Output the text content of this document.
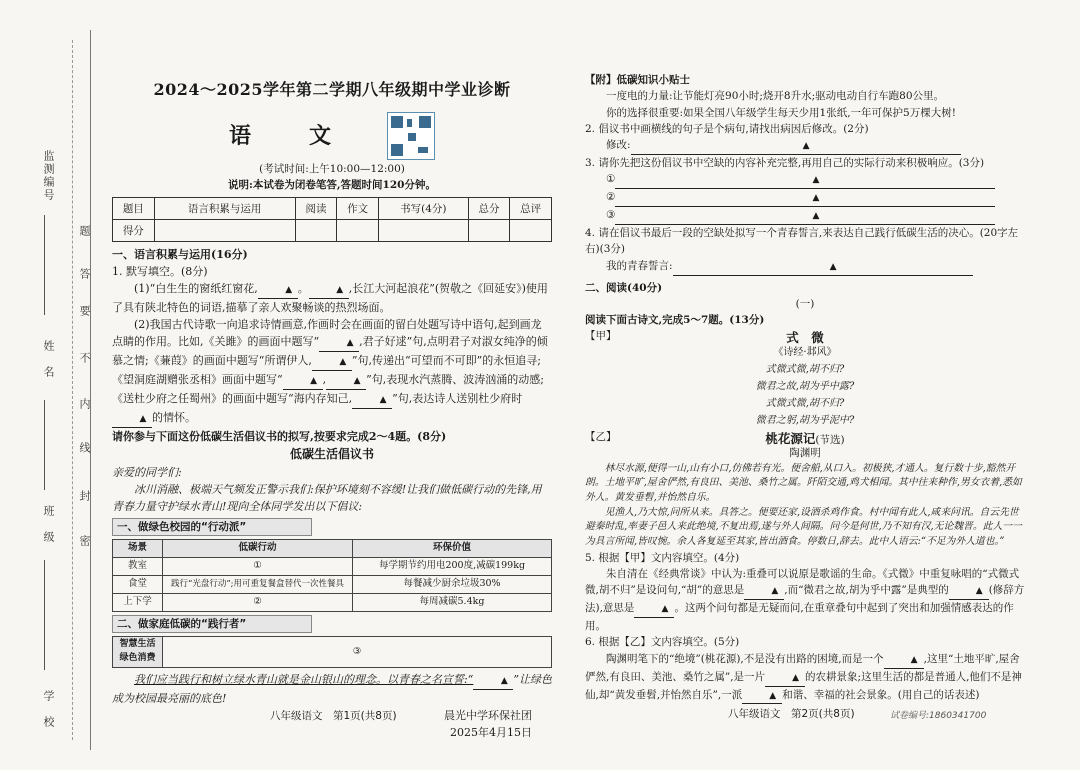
监测编号
姓　名
班　级
学　校
题
要
答
不
内
线
封
密
2024～2025学年第二学期八年级期中学业诊断
语　文
(考试时间:上午10:00—12:00)
说明:本试卷为闭卷笔答,答题时间120分钟。
题目	语言积累与运用	阅读	作文	书写(4分)	总分	总评
得分						
一、语言积累与运用(16分)
1. 默写填空。(8分)
(1)“白生生的窗纸红窗花,	▲ 。	▲ ,长江大河起浪花”(贺敬之《回延安》)使用了具有陕北特色的词语,描摹了亲人欢聚畅谈的热烈场面。
(2)我国古代诗歌一向追求诗情画意,作画时会在画面的留白处题写诗中语句,起到画龙点睛的作用。比如,《关雎》的画面中题写“	▲ ,君子好逑”句,点明君子对淑女纯净的倾慕之情;《蒹葭》的画面中题写“所谓伊人,	▲ ”句,传递出“可望而不可即”的永恒追寻;《望洞庭湖赠张丞相》画面中题写“	▲ ,	▲ ”句,表现水汽蒸腾、波涛汹涌的动感;《送杜少府之任蜀州》的画面中题写“海内存知己,	▲ ”句,表达诗人送别杜少府时▲ 的情怀。
请你参与下面这份低碳生活倡议书的拟写,按要求完成2～4题。(8分)
低碳生活倡议书
亲爱的同学们:
冰川消融、极端天气频发正警示我们:保护环境刻不容缓!让我们做低碳行动的先锋,用青春力量守护绿水青山!现向全体同学发出以下倡议:
一、做绿色校园的“行动派”
场景	低碳行动	环保价值
教室	①	每学期节约用电200度,减碳199kg
食堂	践行“光盘行动”;用可重复餐盒替代一次性餐具	每餐减少厨余垃圾30%
上下学	②	每周减碳5.4kg
二、做家庭低碳的“践行者”
智慧生活绿色消费	③
我们应当践行和树立绿水青山就是金山银山的理念。以青春之名宣誓:“	▲ ”让绿色成为校园最亮丽的底色!
晨光中学环保社团
2025年4月15日
八年级语文　第1页(共8页)
【附】低碳知识小贴士
一度电的力量:让节能灯亮90小时;烧开8升水;驱动电动自行车跑80公里。
你的选择很重要:如果全国八年级学生每天少用1张纸,一年可保护5万棵大树!
2. 倡议书中画横线的句子是个病句,请找出病因后修改。(2分)
修改:	▲
3. 请你先把这份倡议书中空缺的内容补充完整,再用自己的实际行动来积极响应。(3分)
①	▲
②	▲
③	▲
4. 请在倡议书最后一段的空缺处拟写一个青春誓言,来表达自己践行低碳生活的决心。(20字左右)(3分)
我的青春誓言:	▲
二、阅读(40分)
(一)
阅读下面古诗文,完成5～7题。(13分)
【甲】	式　微
《诗经·邶风》
式微式微,胡不归?
微君之故,胡为乎中露?
式微式微,胡不归?
微君之躬,胡为乎泥中?
【乙】	桃花源记(节选)
陶渊明
林尽水源,便得一山,山有小口,仿佛若有光。便舍船,从口入。初极狭,才通人。复行数十步,豁然开朗。土地平旷,屋舍俨然,有良田、美池、桑竹之属。阡陌交通,鸡犬相闻。其中往来种作,男女衣着,悉如外人。黄发垂髫,并怡然自乐。
见渔人,乃大惊,问所从来。具答之。便要还家,设酒杀鸡作食。村中闻有此人,咸来问讯。自云先世避秦时乱,率妻子邑人来此绝境,不复出焉,遂与外人间隔。问今是何世,乃不知有汉,无论魏晋。此人一一为具言所闻,皆叹惋。余人各复延至其家,皆出酒食。停数日,辞去。此中人语云:“不足为外人道也。”
5. 根据【甲】文内容填空。(4分)
朱自清在《经典常谈》中认为:重叠可以说原是歌谣的生命。《式微》中重复咏唱的“式微式微,胡不归”是设问句,“胡”的意思是	▲ ,而“微君之故,胡为乎中露”是典型的	▲ (修辞方法),意思是	▲ 。这两个问句都是无疑而问,在重章叠句中起到了突出和加强情感表达的作用。
6. 根据【乙】文内容填空。(5分)
陶渊明笔下的“绝境”(桃花源),不是没有出路的困境,而是一个	▲ ,这里“土地平旷,屋舍俨然,有良田、美池、桑竹之属”,是一片	▲ 的农耕景象;这里生活的都是普通人,他们不是神仙,却“黄发垂髫,并怡然自乐”,一派	▲ 和谐、幸福的社会景象。(用自己的话表述)
八年级语文　第2页(共8页)	试卷编号:1860341700
